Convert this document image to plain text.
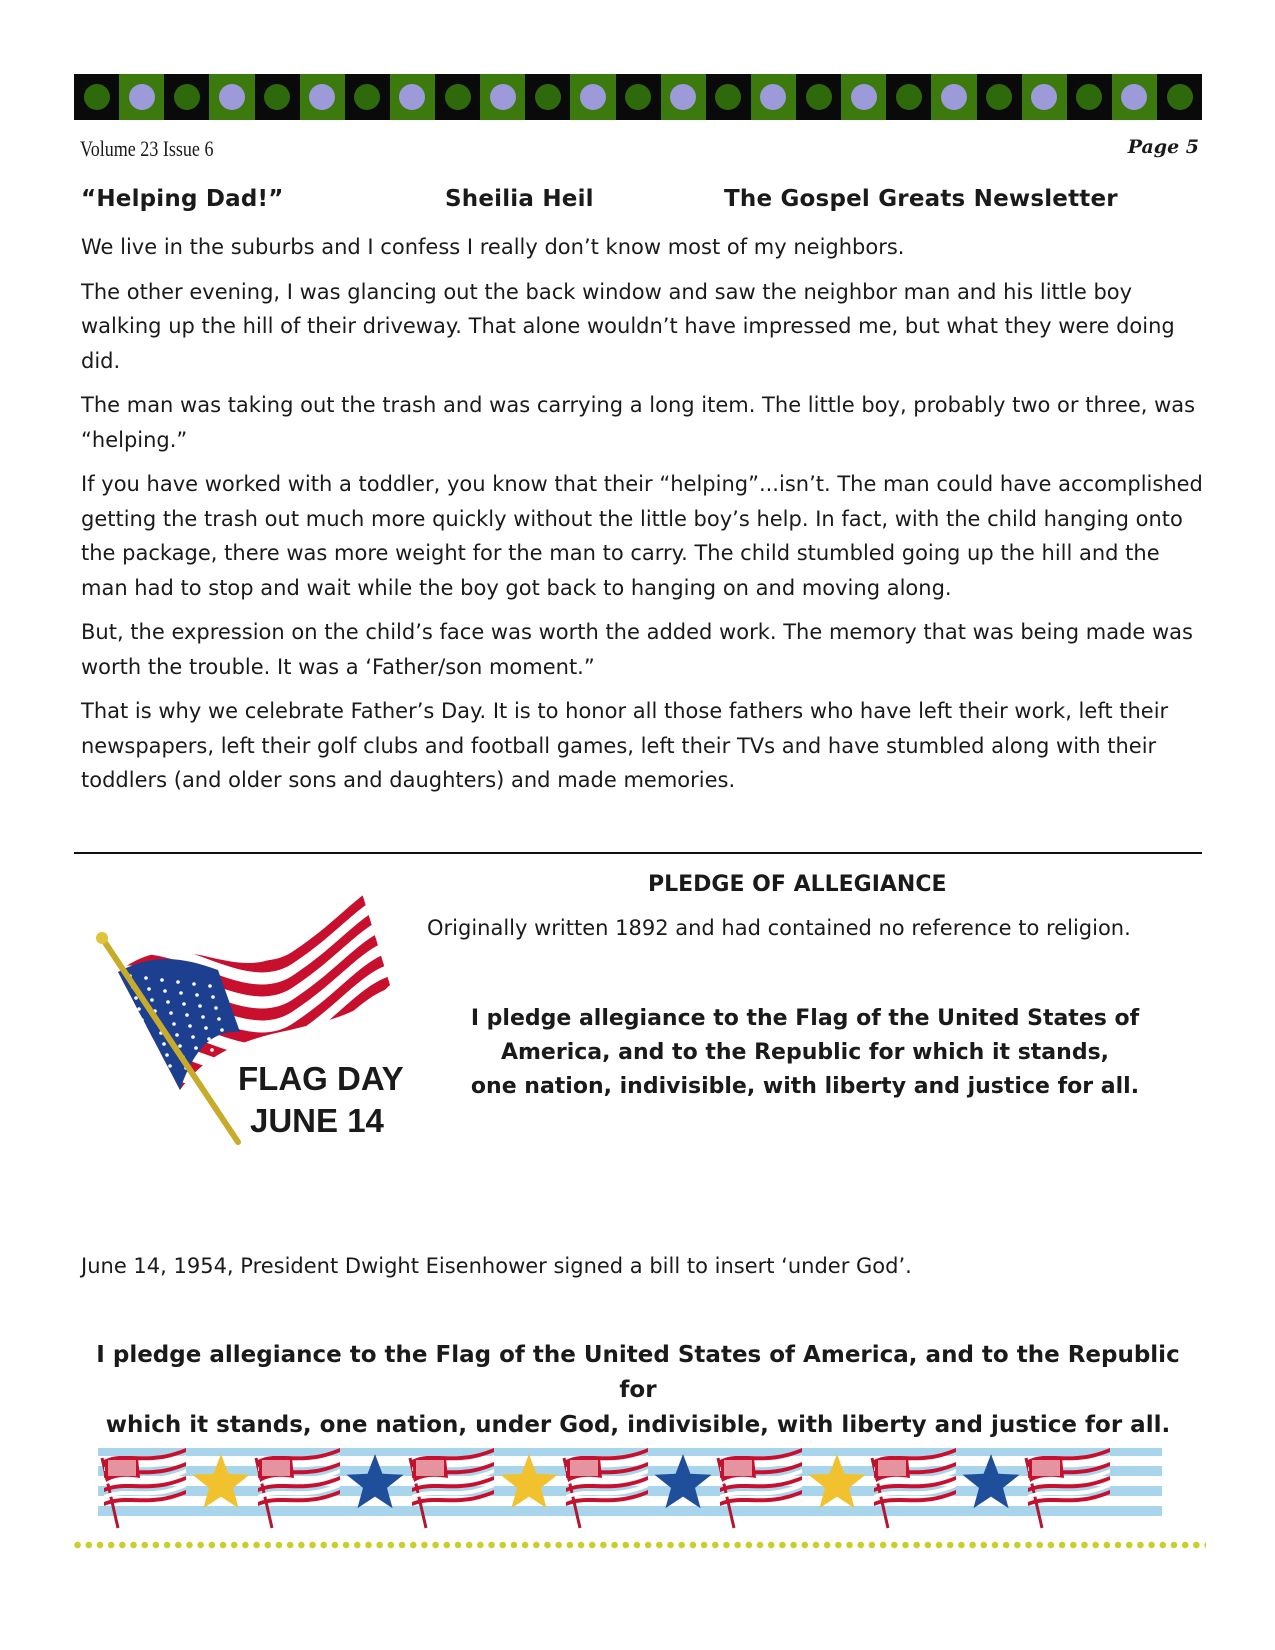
Volume 23 Issue 6	Page 5
“Helping Dad!”	Sheilia Heil	The Gospel Greats Newsletter

We live in the suburbs and I confess I really don’t know most of my neighbors.

The other evening, I was glancing out the back window and saw the neighbor man and his little boy walking up the hill of their driveway. That alone wouldn’t have impressed me, but what they were doing did.

The man was taking out the trash and was carrying a long item. The little boy, probably two or three, was “helping.”

If you have worked with a toddler, you know that their “helping”...isn’t. The man could have accomplished getting the trash out much more quickly without the little boy’s help. In fact, with the child hanging onto the package, there was more weight for the man to carry. The child stumbled going up the hill and the man had to stop and wait while the boy got back to hanging on and moving along.

But, the expression on the child’s face was worth the added work. The memory that was being made was worth the trouble. It was a ‘Father/son moment.”

That is why we celebrate Father’s Day. It is to honor all those fathers who have left their work, left their newspapers, left their golf clubs and football games, left their TVs and have stumbled along with their toddlers (and older sons and daughters) and made memories.

FLAG DAY
JUNE 14
PLEDGE OF ALLEGIANCE
Originally written 1892 and had contained no reference to religion.
I pledge allegiance to the Flag of the United States of
America, and to the Republic for which it stands,
one nation, indivisible, with liberty and justice for all.
June 14, 1954, President Dwight Eisenhower signed a bill to insert ‘under God’.
I pledge allegiance to the Flag of the United States of America, and to the Republic for
which it stands, one nation, under God, indivisible, with liberty and justice for all.
